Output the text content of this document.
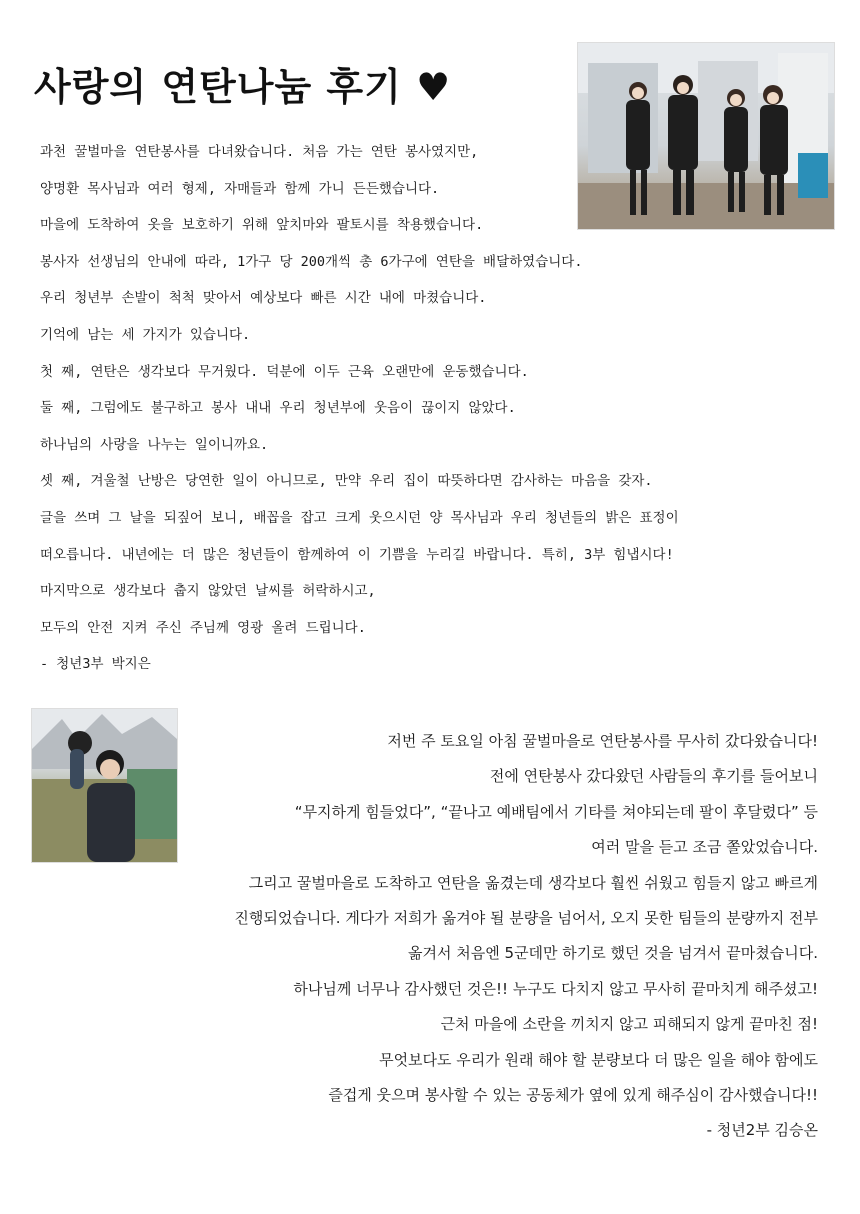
사랑의 연탄나눔 후기 ♥
과천 꿀벌마을 연탄봉사를 다녀왔습니다. 처음 가는 연탄 봉사였지만,
양명환 목사님과 여러 형제, 자매들과 함께 가니 든든했습니다.
마을에 도착하여 옷을 보호하기 위해 앞치마와 팔토시를 착용했습니다.
봉사자 선생님의 안내에 따라, 1가구 당 200개씩 총 6가구에 연탄을 배달하였습니다.
우리 청년부 손발이 척척 맞아서 예상보다 빠른 시간 내에 마쳤습니다.
기억에 남는 세 가지가 있습니다.
첫 째, 연탄은 생각보다 무거웠다. 덕분에 이두 근육 오랜만에 운동했습니다.
둘 째, 그럼에도 불구하고 봉사 내내 우리 청년부에 웃음이 끊이지 않았다.
하나님의 사랑을 나누는 일이니까요.
셋 째, 겨울철 난방은 당연한 일이 아니므로, 만약 우리 집이 따뜻하다면 감사하는 마음을 갖자.
글을 쓰며 그 날을 되짚어 보니, 배꼽을 잡고 크게 웃으시던 양 목사님과 우리 청년들의 밝은 표정이
떠오릅니다. 내년에는 더 많은 청년들이 함께하여 이 기쁨을 누리길 바랍니다. 특히, 3부 힘냅시다!
마지막으로 생각보다 춥지 않았던 날씨를 허락하시고,
모두의 안전 지켜 주신 주님께 영광 올려 드립니다.
- 청년3부 박지은
저번 주 토요일 아침 꿀벌마을로 연탄봉사를 무사히 갔다왔습니다!
전에 연탄봉사 갔다왔던 사람들의 후기를 들어보니
“무지하게 힘들었다”, “끝나고 예배팀에서 기타를 쳐야되는데 팔이 후달렸다” 등
여러 말을 듣고 조금 쫄았었습니다.
그리고 꿀벌마을로 도착하고 연탄을 옮겼는데 생각보다 훨씬 쉬웠고 힘들지 않고 빠르게
진행되었습니다. 게다가 저희가 옮겨야 될 분량을 넘어서, 오지 못한 팀들의 분량까지 전부
옮겨서 처음엔 5군데만 하기로 했던 것을 넘겨서 끝마쳤습니다.
하나님께 너무나 감사했던 것은!! 누구도 다치지 않고 무사히 끝마치게 해주셨고!
근처 마을에 소란을 끼치지 않고 피해되지 않게 끝마친 점!
무엇보다도 우리가 원래 해야 할 분량보다 더 많은 일을 해야 함에도
즐겁게 웃으며 봉사할 수 있는 공동체가 옆에 있게 해주심이 감사했습니다!!
- 청년2부 김승온
